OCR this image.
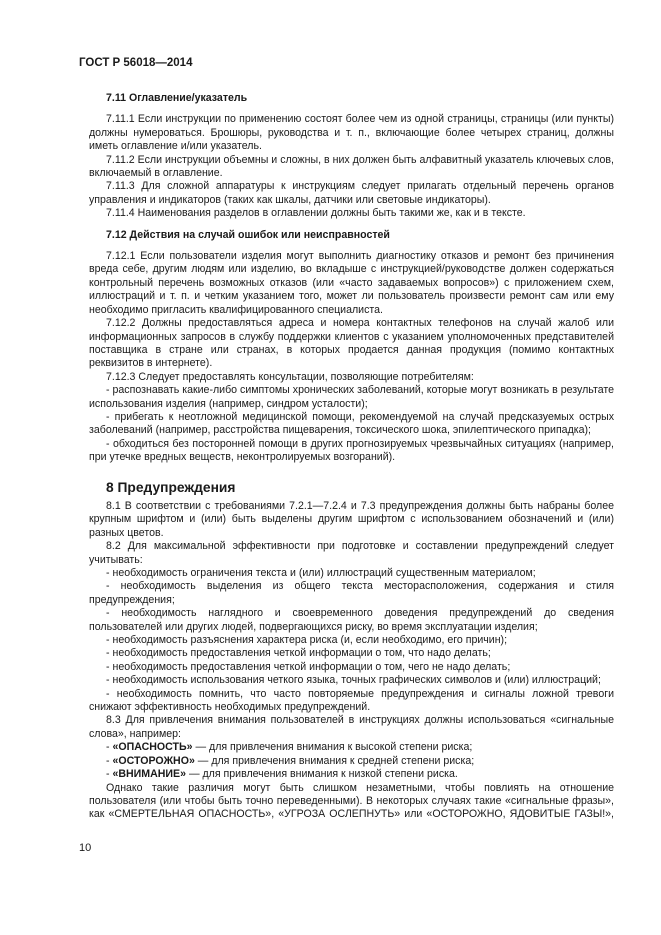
ГОСТ Р 56018—2014

7.11 Оглавление/указатель

7.11.1 Если инструкции по применению состоят более чем из одной страницы, страницы (или пункты) должны нумероваться. Брошюры, руководства и т. п., включающие более четырех страниц, должны иметь оглавление и/или указатель.

7.11.2 Если инструкции объемны и сложны, в них должен быть алфавитный указатель ключевых слов, включаемый в оглавление.

7.11.3 Для сложной аппаратуры к инструкциям следует прилагать отдельный перечень органов управления и индикаторов (таких как шкалы, датчики или световые индикаторы).

7.11.4 Наименования разделов в оглавлении должны быть такими же, как и в тексте.

7.12 Действия на случай ошибок или неисправностей

7.12.1 Если пользователи изделия могут выполнить диагностику отказов и ремонт без причинения вреда себе, другим людям или изделию, во вкладыше с инструкцией/руководстве должен содержаться контрольный перечень возможных отказов (или «часто задаваемых вопросов») с приложением схем, иллюстраций и т. п. и четким указанием того, может ли пользователь произвести ремонт сам или ему необходимо пригласить квалифицированного специалиста.

7.12.2 Должны предоставляться адреса и номера контактных телефонов на случай жалоб или информационных запросов в службу поддержки клиентов с указанием уполномоченных представителей поставщика в стране или странах, в которых продается данная продукция (помимо контактных реквизитов в интернете).

7.12.3 Следует предоставлять консультации, позволяющие потребителям:

- распознавать какие-либо симптомы хронических заболеваний, которые могут возникать в результате использования изделия (например, синдром усталости);

- прибегать к неотложной медицинской помощи, рекомендуемой на случай предсказуемых острых заболеваний (например, расстройства пищеварения, токсического шока, эпилептического припадка);

- обходиться без посторонней помощи в других прогнозируемых чрезвычайных ситуациях (например, при утечке вредных веществ, неконтролируемых возгораний).

8 Предупреждения

8.1 В соответствии с требованиями 7.2.1—7.2.4 и 7.3 предупреждения должны быть набраны более крупным шрифтом и (или) быть выделены другим шрифтом с использованием обозначений и (или) разных цветов.

8.2 Для максимальной эффективности при подготовке и составлении предупреждений следует учитывать:

- необходимость ограничения текста и (или) иллюстраций существенным материалом;

- необходимость выделения из общего текста месторасположения, содержания и стиля предупреждения;

- необходимость наглядного и своевременного доведения предупреждений до сведения пользователей или других людей, подвергающихся риску, во время эксплуатации изделия;

- необходимость разъяснения характера риска (и, если необходимо, его причин);

- необходимость предоставления четкой информации о том, что надо делать;

- необходимость предоставления четкой информации о том, чего не надо делать;

- необходимость использования четкого языка, точных графических символов и (или) иллюстраций;

- необходимость помнить, что часто повторяемые предупреждения и сигналы ложной тревоги снижают эффективность необходимых предупреждений.

8.3 Для привлечения внимания пользователей в инструкциях должны использоваться «сигнальные слова», например:

- «ОПАСНОСТЬ» — для привлечения внимания к высокой степени риска;

- «ОСТОРОЖНО» — для привлечения внимания к средней степени риска;

- «ВНИМАНИЕ» — для привлечения внимания к низкой степени риска.

Однако такие различия могут быть слишком незаметными, чтобы повлиять на отношение пользователя (или чтобы быть точно переведенными). В некоторых случаях такие «сигнальные фразы», как «СМЕРТЕЛЬНАЯ ОПАСНОСТЬ», «УГРОЗА ОСЛЕПНУТЬ» или «ОСТОРОЖНО, ЯДОВИТЫЕ ГАЗЫ!»,

10
